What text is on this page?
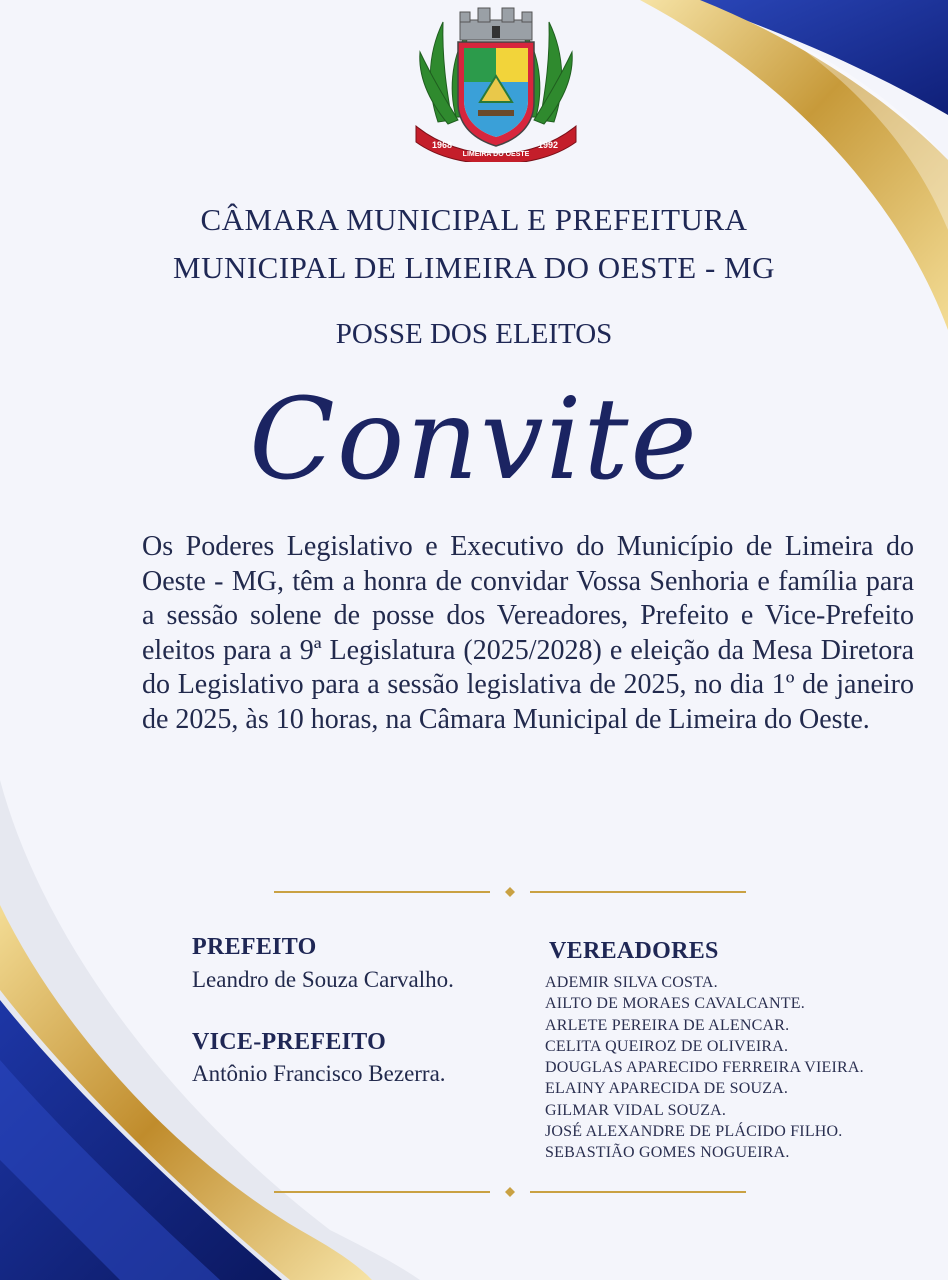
1968
LIMEIRA DO OESTE
1992
CÂMARA MUNICIPAL E PREFEITURA
MUNICIPAL DE LIMEIRA DO OESTE - MG
POSSE DOS ELEITOS
Convite

Os Poderes Legislativo e Executivo do Município de Limeira do Oeste - MG, têm a honra de convidar Vossa Senhoria e família para a sessão solene de posse dos Vereadores, Prefeito e Vice-Prefeito eleitos para a 9ª Legislatura (2025/2028) e eleição da Mesa Diretora do Legislativo para a sessão legislativa de 2025, no dia 1º de janeiro de 2025, às 10 horas, na Câmara Municipal de Limeira do Oeste.

PREFEITO
Leandro de Souza Carvalho.
VICE-PREFEITO
Antônio Francisco Bezerra.
VEREADORES
ADEMIR SILVA COSTA.
AILTO DE MORAES CAVALCANTE.
ARLETE PEREIRA DE ALENCAR.
CELITA QUEIROZ DE OLIVEIRA.
DOUGLAS APARECIDO FERREIRA VIEIRA.
ELAINY APARECIDA DE SOUZA.
GILMAR VIDAL SOUZA.
JOSÉ ALEXANDRE DE PLÁCIDO FILHO.
SEBASTIÃO GOMES NOGUEIRA.
